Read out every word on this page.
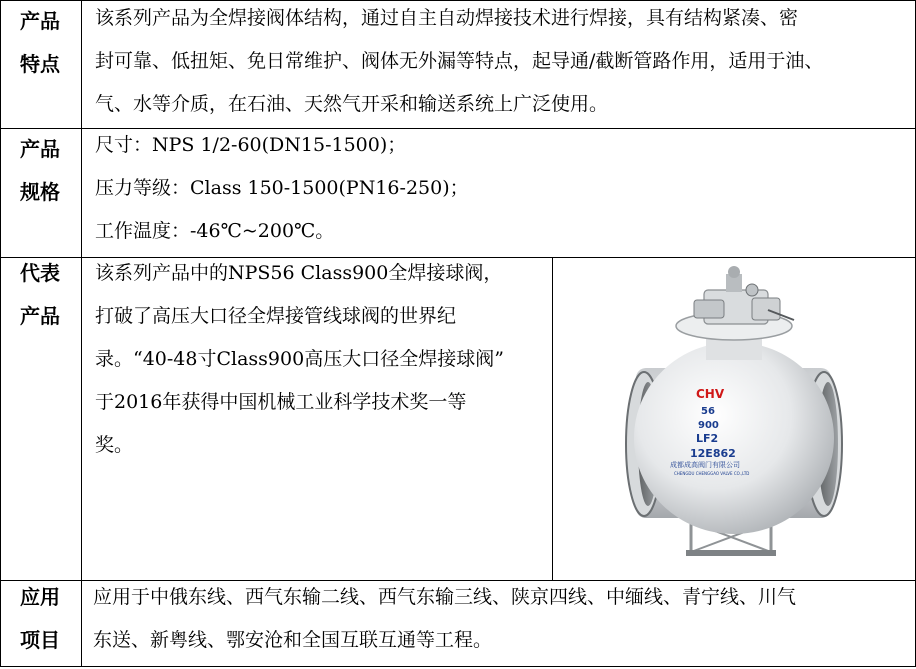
产品
特点
该系列产品为全焊接阀体结构，通过自主自动焊接技术进行焊接，具有结构紧凑、密
封可靠、低扭矩、免日常维护、阀体无外漏等特点，起导通/截断管路作用，适用于油、
气、水等介质，在石油、天然气开采和输送系统上广泛使用。
产品
规格
尺寸：NPS 1/2-60(DN15-1500)；
压力等级：Class 150-1500(PN16-250)；
工作温度：-46℃~200℃。
代表
产品
该系列产品中的NPS56 Class900全焊接球阀，
打破了高压大口径全焊接管线球阀的世界纪
录。“40-48寸Class900高压大口径全焊接球阀”
于2016年获得中国机械工业科学技术奖一等
奖。
CHV
56
900
LF2
12E862
成都成高阀门有限公司
CHENGDU CHENGGAO VALVE CO.,LTD
应用
项目
应用于中俄东线、西气东输二线、西气东输三线、陕京四线、中缅线、青宁线、川气
东送、新粤线、鄂安沧和全国互联互通等工程。
